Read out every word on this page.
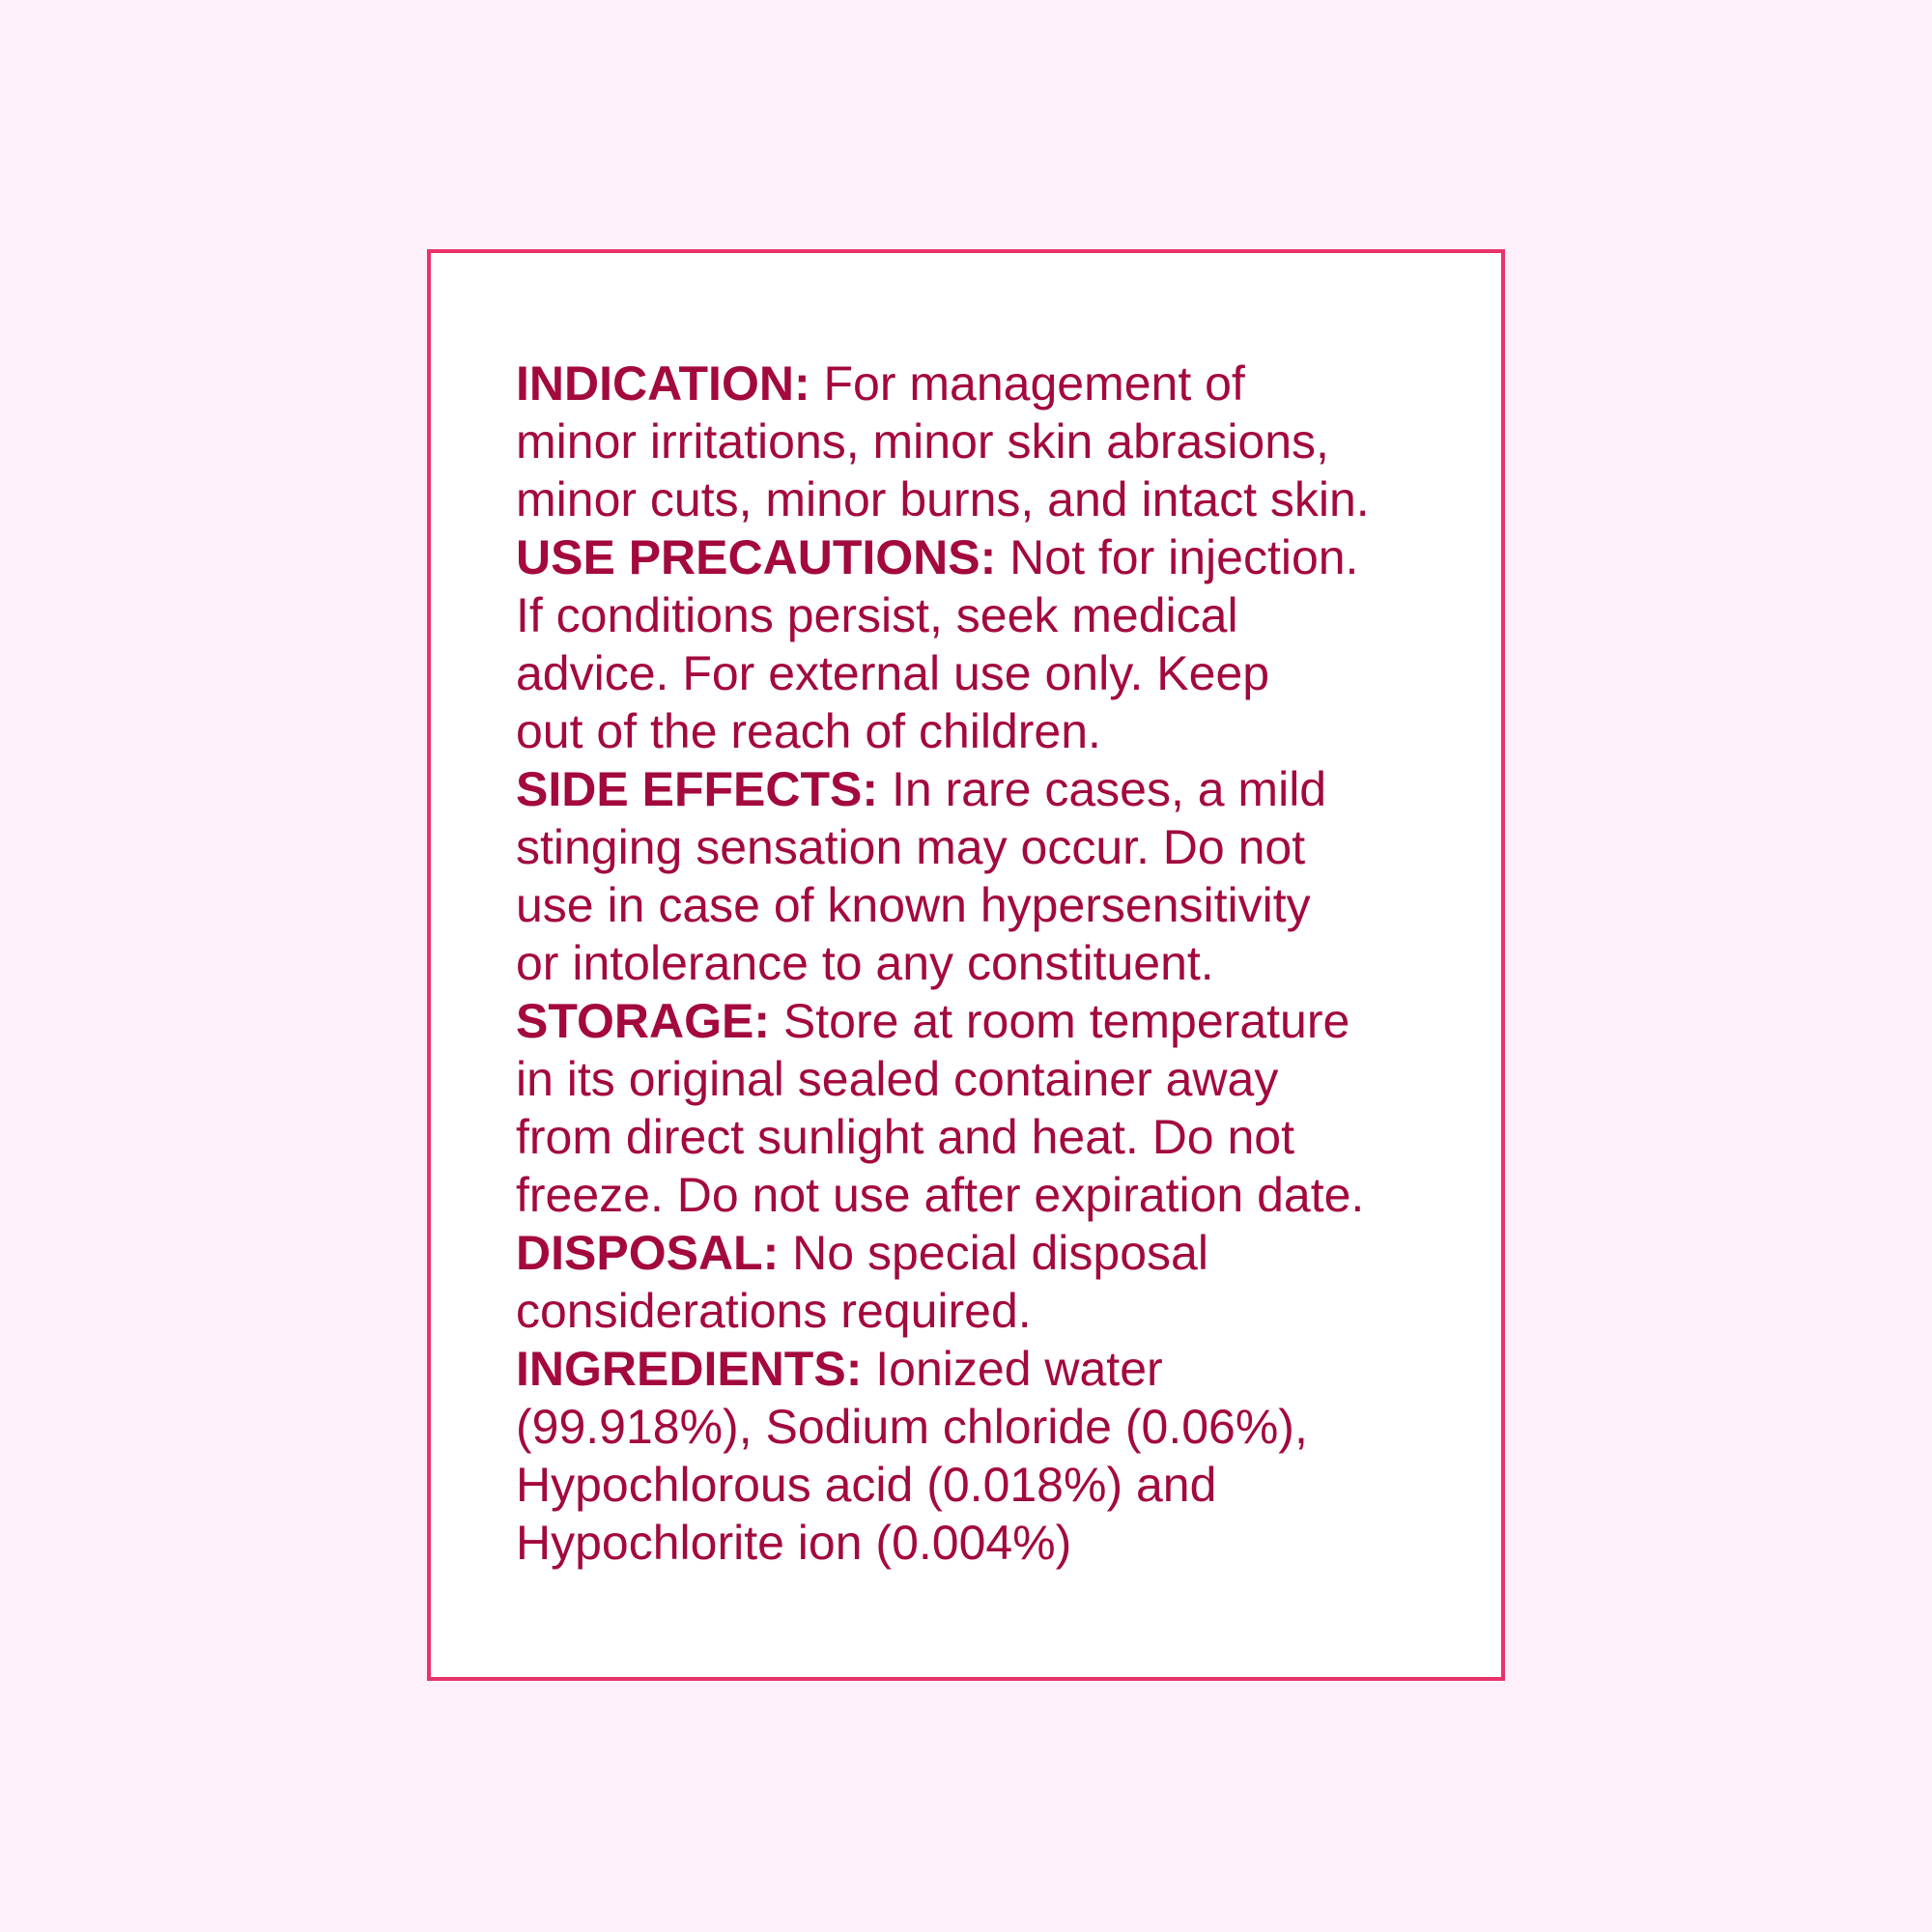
INDICATION: For management of
minor irritations, minor skin abrasions,
minor cuts, minor burns, and intact skin.
USE PRECAUTIONS: Not for injection.
If conditions persist, seek medical
advice. For external use only. Keep
out of the reach of children.
SIDE EFFECTS: In rare cases, a mild
stinging sensation may occur. Do not
use in case of known hypersensitivity
or intolerance to any constituent.
STORAGE: Store at room temperature
in its original sealed container away
from direct sunlight and heat. Do not
freeze. Do not use after expiration date.
DISPOSAL: No special disposal
considerations required.
INGREDIENTS: Ionized water
(99.918%), Sodium chloride (0.06%),
Hypochlorous acid (0.018%) and
Hypochlorite ion (0.004%)
